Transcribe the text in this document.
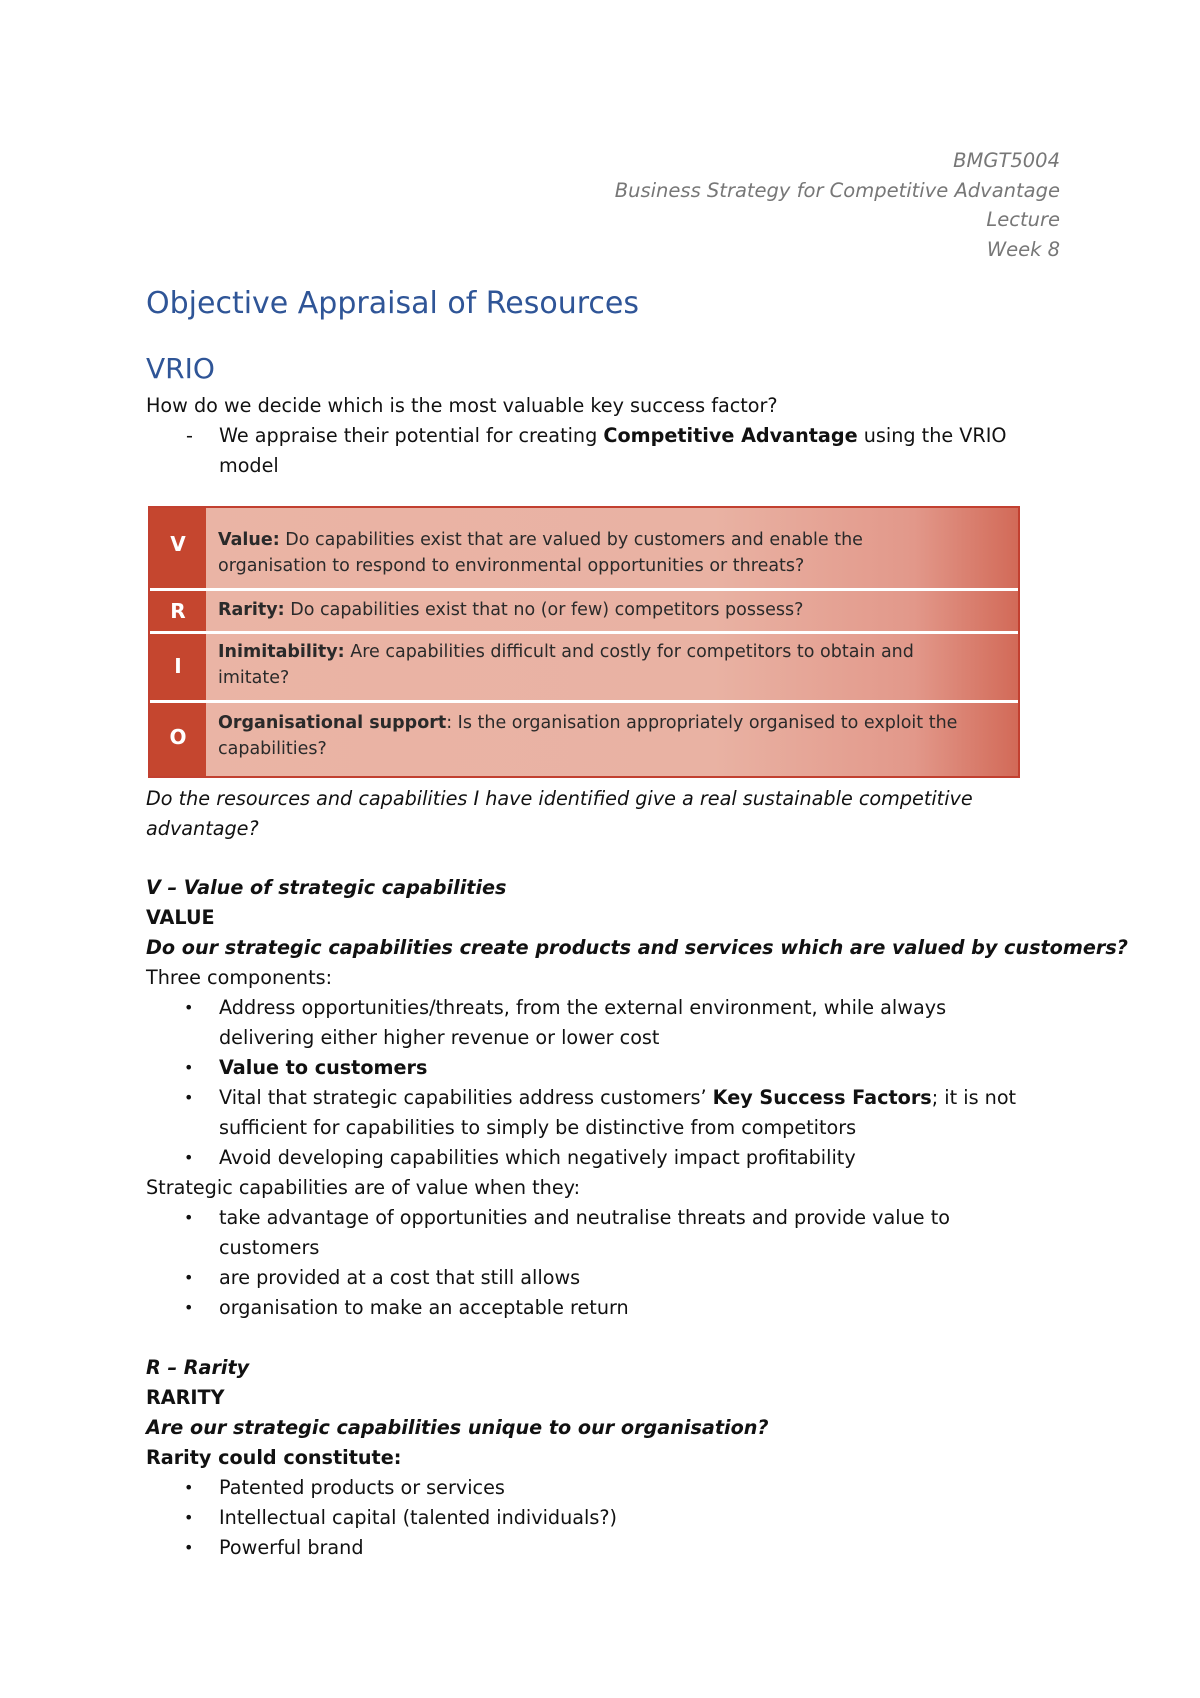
BMGT5004
Business Strategy for Competitive Advantage
Lecture
Week 8
Objective Appraisal of Resources
VRIO
How do we decide which is the most valuable key success factor?
- We appraise their potential for creating Competitive Advantage using the VRIO
model
V	Value: Do capabilities exist that are valued by customers and enable the
organisation to respond to environmental opportunities or threats?
R	Rarity: Do capabilities exist that no (or few) competitors possess?
I
Inimitability: Are capabilities difficult and costly for competitors to obtain and
imitate?
O
Organisational support: Is the organisation appropriately organised to exploit the
capabilities?
Do the resources and capabilities I have identified give a real sustainable competitive
advantage?
V – Value of strategic capabilities
VALUE
Do our strategic capabilities create products and services which are valued by customers?
Three components:
• Address opportunities/threats, from the external environment, while always
delivering either higher revenue or lower cost
• Value to customers
• Vital that strategic capabilities address customers’ Key Success Factors; it is not
sufficient for capabilities to simply be distinctive from competitors
• Avoid developing capabilities which negatively impact profitability
Strategic capabilities are of value when they:
• take advantage of opportunities and neutralise threats and provide value to
customers
• are provided at a cost that still allows
• organisation to make an acceptable return
R – Rarity
RARITY
Are our strategic capabilities unique to our organisation?
Rarity could constitute:
• Patented products or services
• Intellectual capital (talented individuals?)
• Powerful brand
